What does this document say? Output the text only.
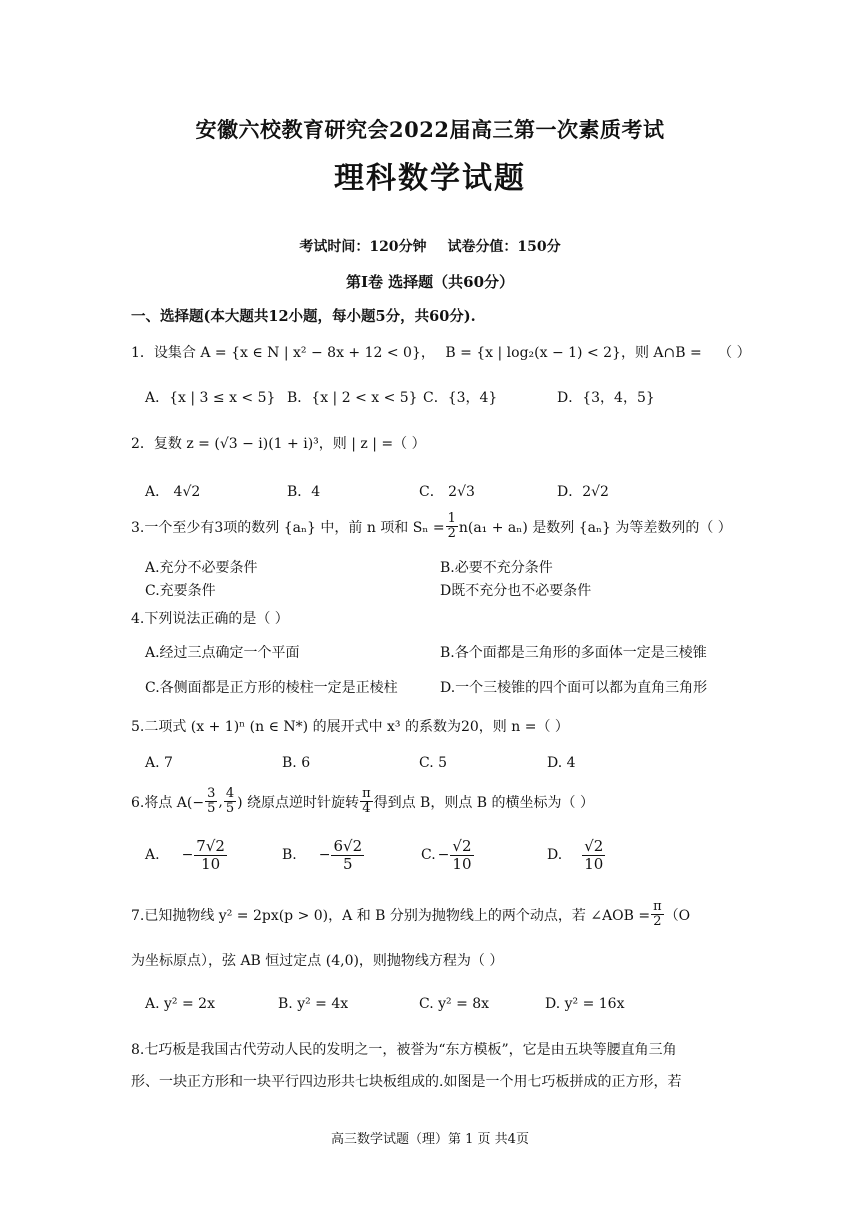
安徽六校教育研究会2022届高三第一次素质考试
理科数学试题
考试时间：120分钟 试卷分值：150分
第Ⅰ卷 选择题（共60分）
一、选择题(本大题共12小题，每小题5分，共60分).
1．设集合 A = {x ∈ N | x² − 8x + 12 < 0}， B = {x | log₂(x − 1) < 2}，则 A∩B = （ ）
A．{x | 3 ≤ x < 5} B．{x | 2 < x < 5} C．{3，4}	D．{3，4，5}
2．复数 z = (√3 − i)(1 + i)³，则 | z | =（ ）
A． 4√2	B．4	C． 2√3	D．2√2
3.一个至少有3项的数列 {aₙ} 中，前 n 项和 $S_n = \frac{1}{2} n(a_1 + a_n)$ 是数列 {aₙ} 为等差数列的（ ）
A.充分不必要条件	B.必要不充分条件
C.充要条件	D既不充分也不必要条件
4.下列说法正确的是（ ）
A.经过三点确定一个平面	B.各个面都是三角形的多面体一定是三棱锥
C.各侧面都是正方形的棱柱一定是正棱柱	D.一个三棱锥的四个面可以都为直角三角形
5.二项式 (x + 1)ⁿ (n ∈ N*) 的展开式中 x³ 的系数为20，则 n =（ ）
A. 7	B. 6	C. 5	D. 4
6.将点 $A(- \frac{3}{5}$ , $\frac{4}{5}$ ) 绕原点逆时针旋转 $\frac{\pi}{4}$ 得到点 B，则点 B 的横坐标为（ ）
A. − $\frac{7√2}{10}$	B. − $\frac{6√2}{5}$	C. − $\frac{√2}{10}$	D. $\frac{√2}{10}$
7.已知抛物线 y² = 2px(p > 0)，A 和 B 分别为抛物线上的两个动点，若 ∠AOB = $\frac{\pi}{2} (O$
为坐标原点），弦 AB 恒过定点 (4,0)，则抛物线方程为（ ）
A. y² = 2x	B. y² = 4x	C. y² = 8x	D. y² = 16x
8.七巧板是我国古代劳动人民的发明之一，被誉为“东方模板”，它是由五块等腰直角三角
形、一块正方形和一块平行四边形共七块板组成的.如图是一个用七巧板拼成的正方形，若
高三数学试题（理）第 1 页 共4页
